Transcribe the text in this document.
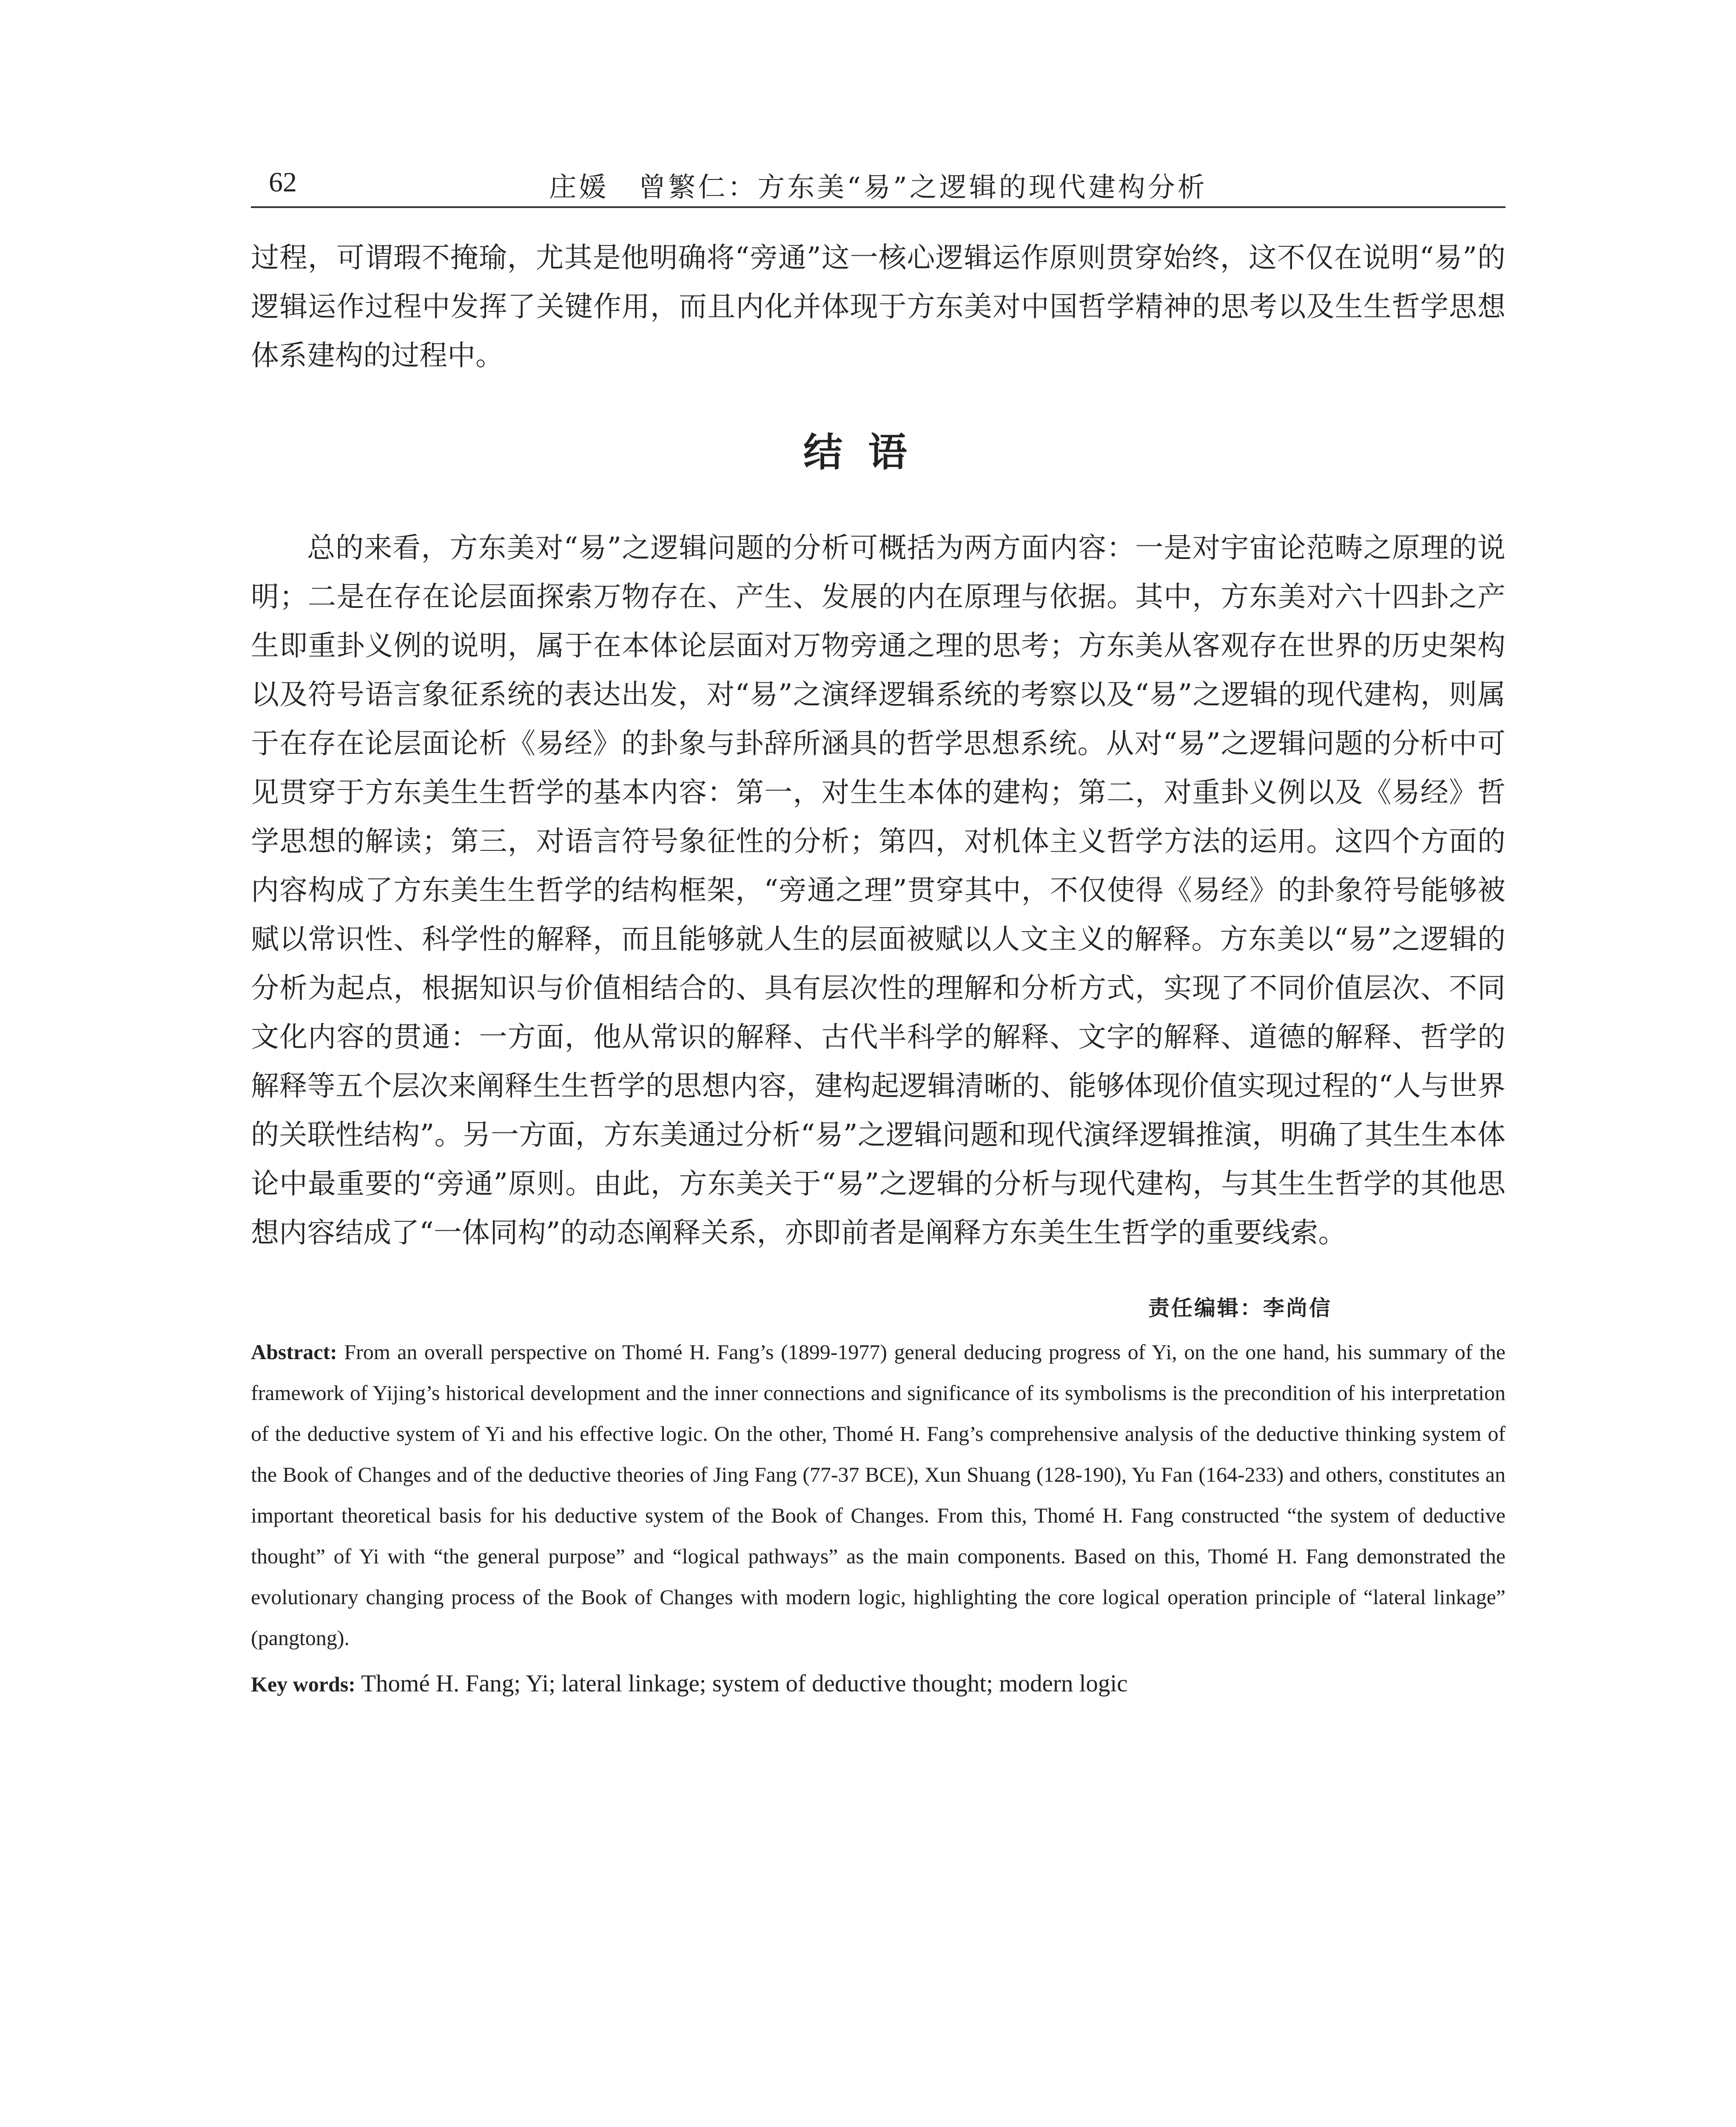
62	庄媛　曾繁仁：方东美“易”之逻辑的现代建构分析

过程，可谓瑕不掩瑜，尤其是他明确将“旁通”这一核心逻辑运作原则贯穿始终，这不仅在说明“易”的逻辑运作过程中发挥了关键作用，而且内化并体现于方东美对中国哲学精神的思考以及生生哲学思想体系建构的过程中。

结语

总的来看，方东美对“易”之逻辑问题的分析可概括为两方面内容：一是对宇宙论范畴之原理的说明；二是在存在论层面探索万物存在、产生、发展的内在原理与依据。其中，方东美对六十四卦之产生即重卦义例的说明，属于在本体论层面对万物旁通之理的思考；方东美从客观存在世界的历史架构以及符号语言象征系统的表达出发，对“易”之演绎逻辑系统的考察以及“易”之逻辑的现代建构，则属于在存在论层面论析《易经》的卦象与卦辞所涵具的哲学思想系统。从对“易”之逻辑问题的分析中可见贯穿于方东美生生哲学的基本内容：第一，对生生本体的建构；第二，对重卦义例以及《易经》哲学思想的解读；第三，对语言符号象征性的分析；第四，对机体主义哲学方法的运用。这四个方面的内容构成了方东美生生哲学的结构框架，“旁通之理”贯穿其中，不仅使得《易经》的卦象符号能够被赋以常识性、科学性的解释，而且能够就人生的层面被赋以人文主义的解释。方东美以“易”之逻辑的分析为起点，根据知识与价值相结合的、具有层次性的理解和分析方式，实现了不同价值层次、不同文化内容的贯通：一方面，他从常识的解释、古代半科学的解释、文字的解释、道德的解释、哲学的解释等五个层次来阐释生生哲学的思想内容，建构起逻辑清晰的、能够体现价值实现过程的“人与世界的关联性结构”。另一方面，方东美通过分析“易”之逻辑问题和现代演绎逻辑推演，明确了其生生本体论中最重要的“旁通”原则。由此，方东美关于“易”之逻辑的分析与现代建构，与其生生哲学的其他思想内容结成了“一体同构”的动态阐释关系，亦即前者是阐释方东美生生哲学的重要线索。

责任编辑：李尚信

Abstract: From an overall perspective on Thomé H. Fang’s (1899-1977) general deducing progress of Yi, on the one hand, his summary of the framework of Yijing’s historical development and the inner connections and significance of its symbolisms is the precondition of his interpretation of the deductive system of Yi and his effective logic. On the other, Thomé H. Fang’s comprehensive analysis of the deductive thinking system of the Book of Changes and of the deductive theories of Jing Fang (77-37 BCE), Xun Shuang (128-190), Yu Fan (164-233) and others, constitutes an important theoretical basis for his deductive system of the Book of Changes. From this, Thomé H. Fang constructed “the system of deductive thought” of Yi with “the general purpose” and “logical pathways” as the main components. Based on this, Thomé H. Fang demonstrated the evolutionary changing process of the Book of Changes with modern logic, highlighting the core logical operation principle of “lateral linkage” (pangtong).

Key words: Thomé H. Fang; Yi; lateral linkage; system of deductive thought; modern logic
